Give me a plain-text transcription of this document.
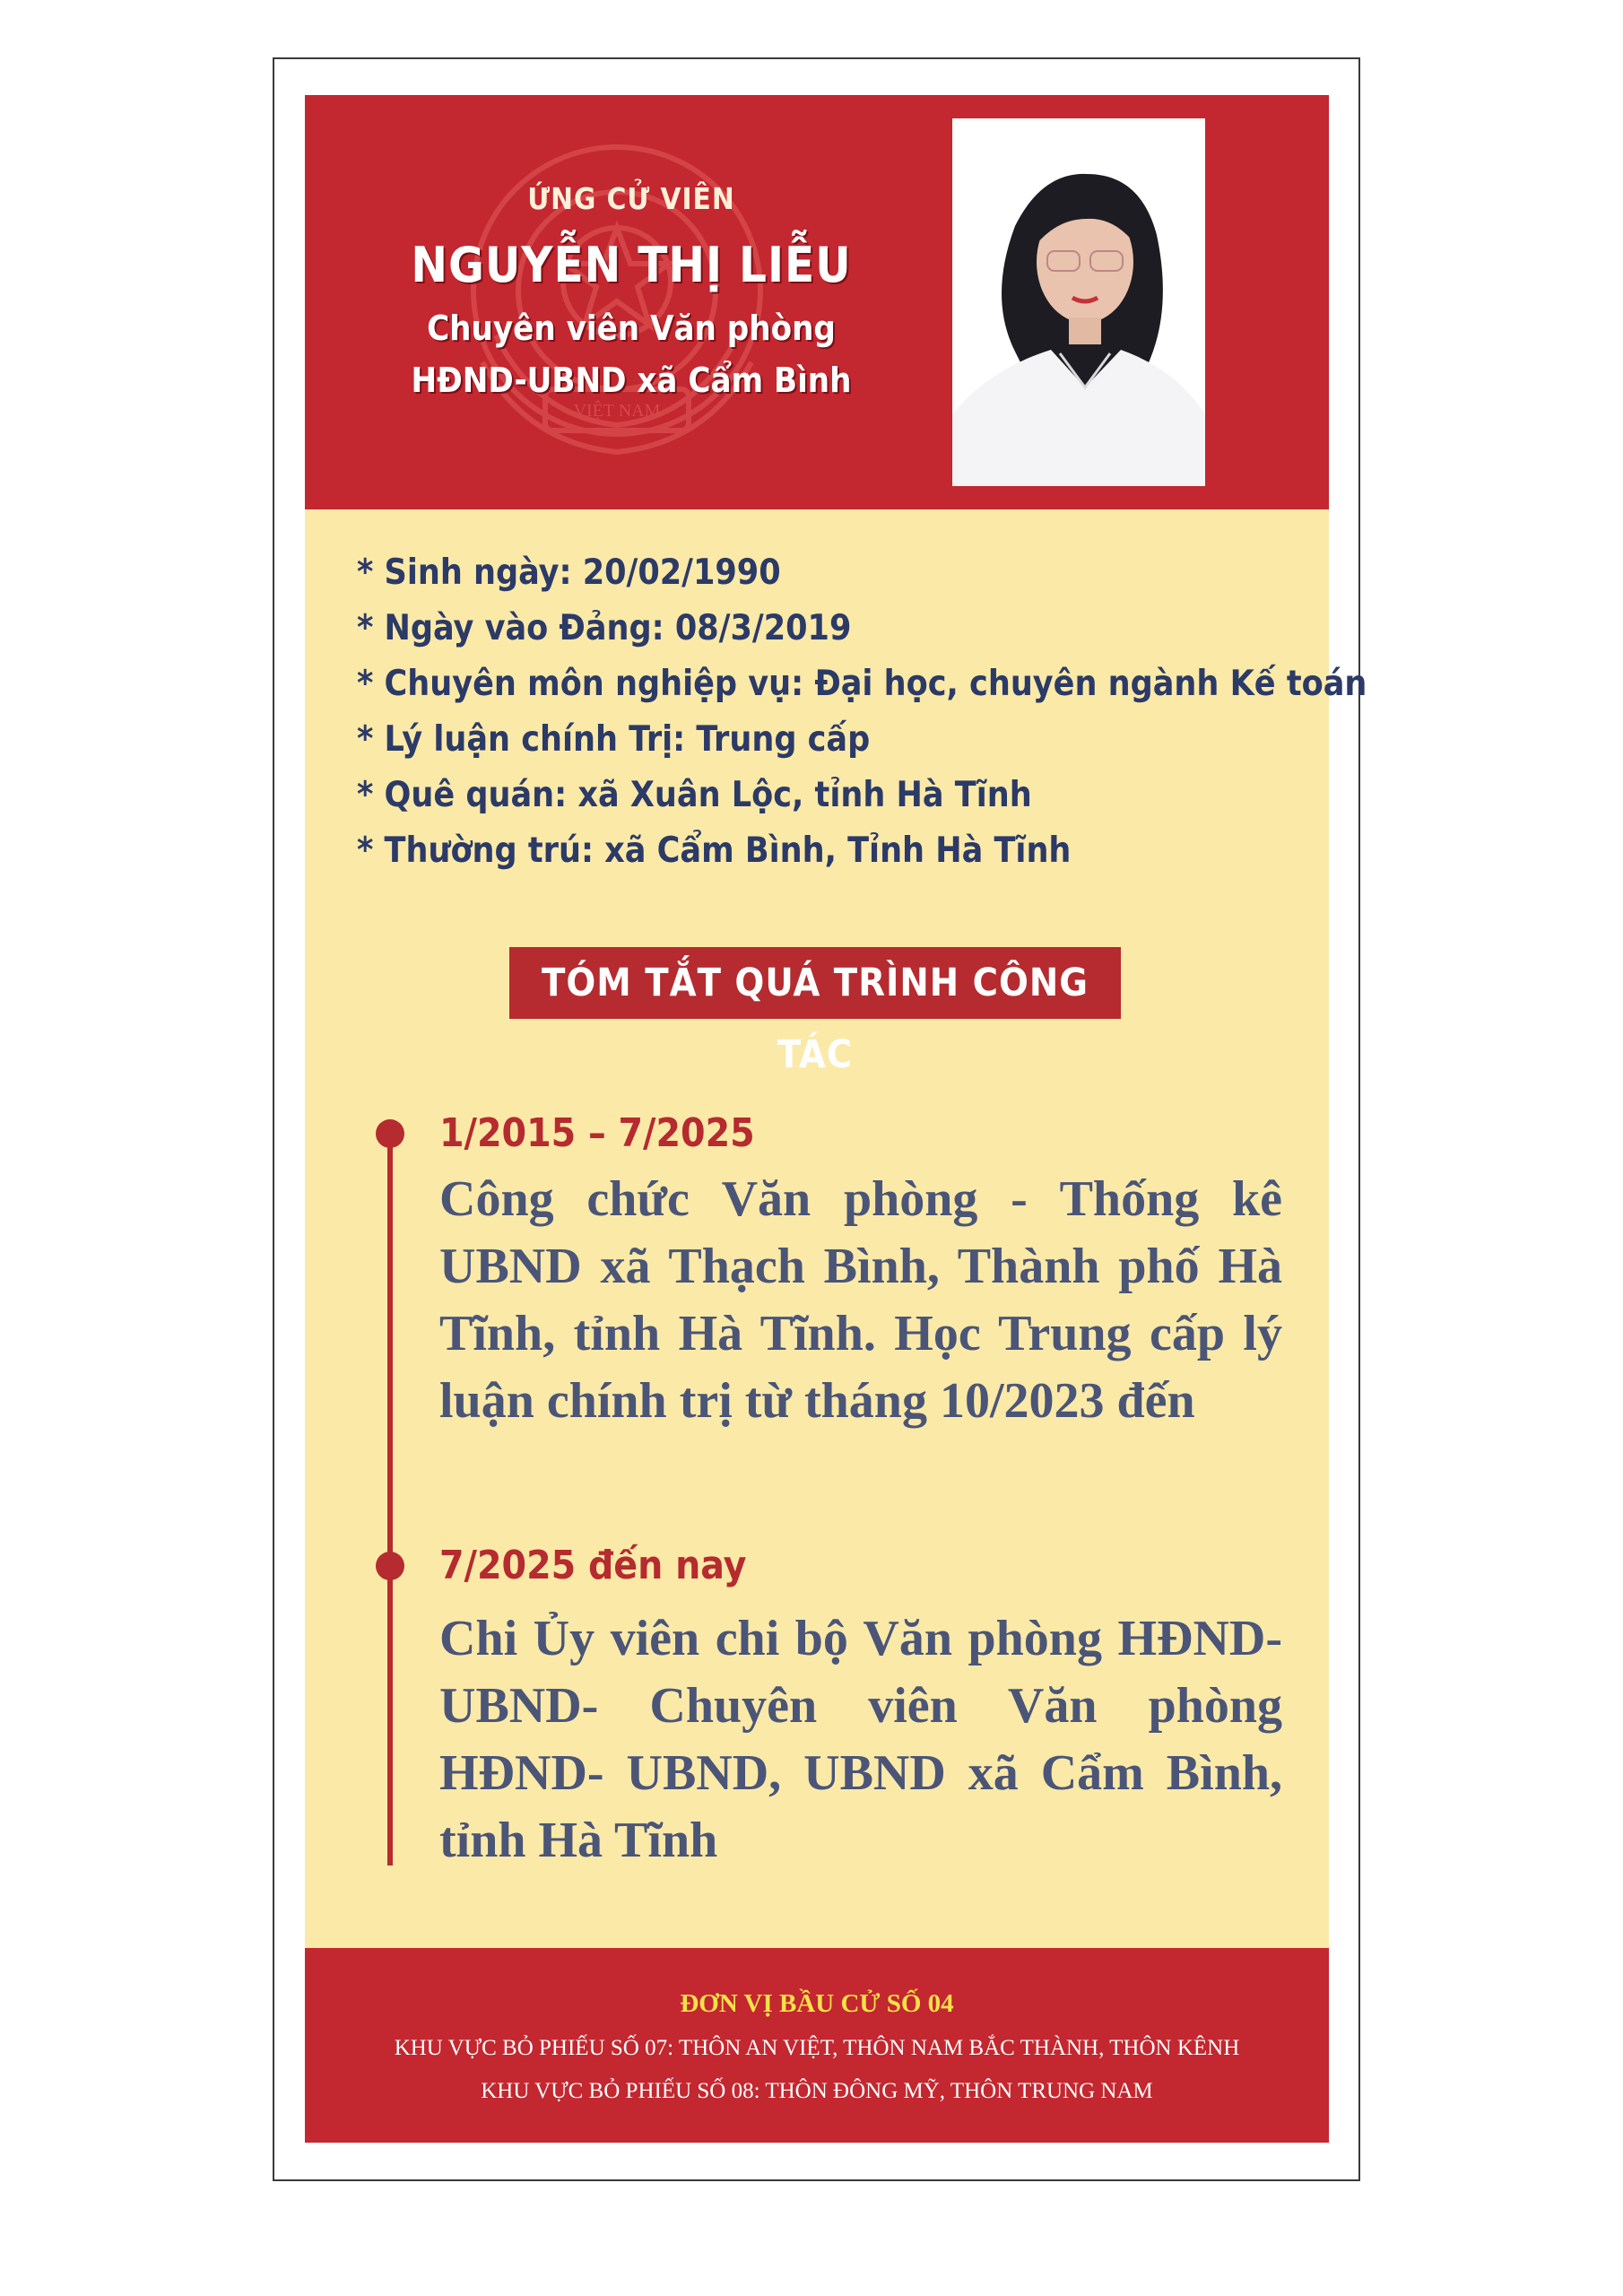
VIỆT NAM
ỨNG CỬ VIÊN
NGUYỄN THỊ LIỄU
Chuyên viên Văn phòng
HĐND-UBND xã Cẩm Bình
* Sinh ngày: 20/02/1990
* Ngày vào Đảng: 08/3/2019
* Chuyên môn nghiệp vụ: Đại học, chuyên ngành Kế toán
* Lý luận chính Trị: Trung cấp
* Quê quán: xã Xuân Lộc, tỉnh Hà Tĩnh
* Thường trú: xã Cẩm Bình, Tỉnh Hà Tĩnh
TÓM TẮT QUÁ TRÌNH CÔNG TÁC
1/2015 – 7/2025
Công chức Văn phòng - Thống kê UBND xã Thạch Bình, Thành phố Hà Tĩnh, tỉnh Hà Tĩnh. Học Trung cấp lý luận chính trị từ tháng 10/2023 đến
7/2025 đến nay
Chi Ủy viên chi bộ Văn phòng HĐND-UBND- Chuyên viên Văn phòng HĐND- UBND, UBND xã Cẩm Bình, tỉnh Hà Tĩnh
ĐƠN VỊ BẦU CỬ SỐ 04
KHU VỰC BỎ PHIẾU SỐ 07: THÔN AN VIỆT, THÔN NAM BẮC THÀNH, THÔN KÊNH
KHU VỰC BỎ PHIẾU SỐ 08: THÔN ĐÔNG MỸ, THÔN TRUNG NAM
